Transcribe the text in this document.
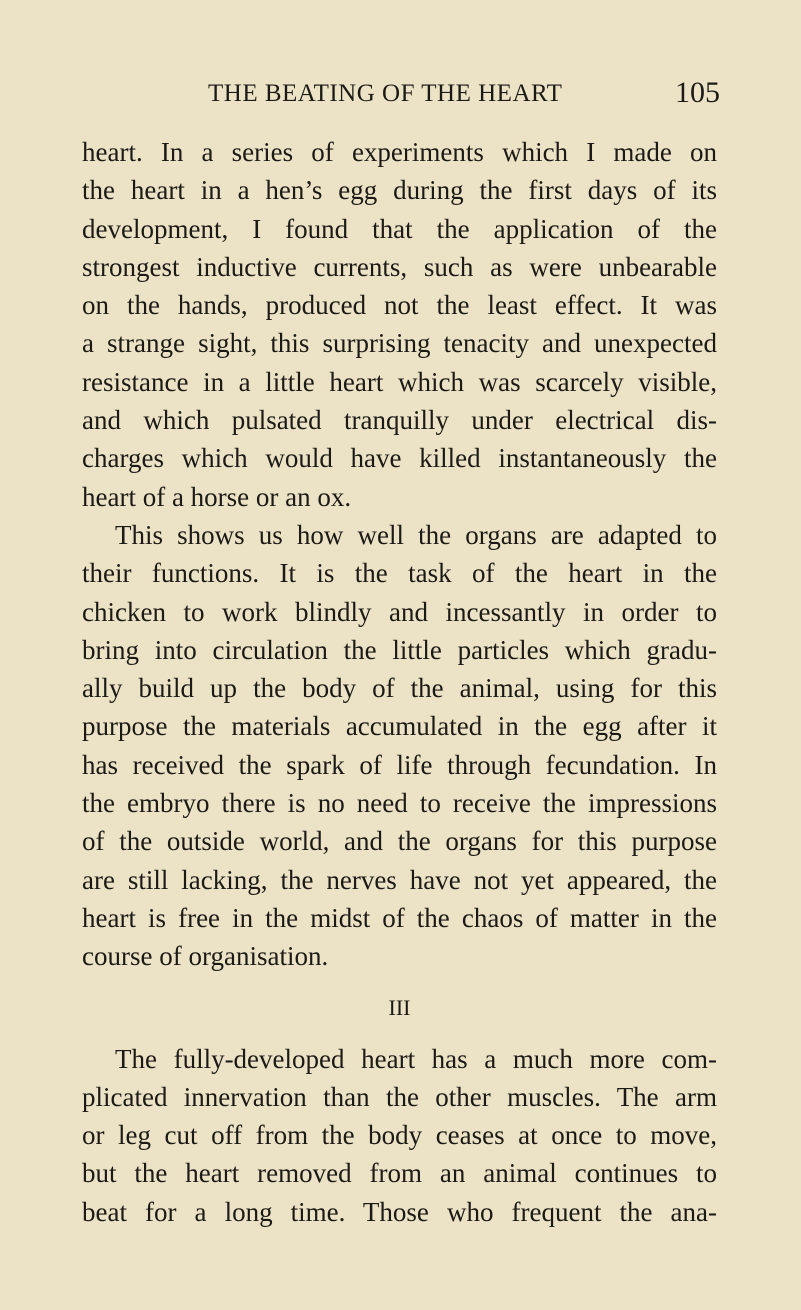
THE BEATING OF THE HEART	105
heart. In a series of experiments which I made on
the heart in a hen’s egg during the first days of its
development, I found that the application of the
strongest inductive currents, such as were unbearable
on the hands, produced not the least effect. It was
a strange sight, this surprising tenacity and unexpected
resistance in a little heart which was scarcely visible,
and which pulsated tranquilly under electrical dis-
charges which would have killed instantaneously the
heart of a horse or an ox.
This shows us how well the organs are adapted to
their functions. It is the task of the heart in the
chicken to work blindly and incessantly in order to
bring into circulation the little particles which gradu-
ally build up the body of the animal, using for this
purpose the materials accumulated in the egg after it
has received the spark of life through fecundation. In
the embryo there is no need to receive the impressions
of the outside world, and the organs for this purpose
are still lacking, the nerves have not yet appeared, the
heart is free in the midst of the chaos of matter in the
course of organisation.
III
The fully-developed heart has a much more com-
plicated innervation than the other muscles. The arm
or leg cut off from the body ceases at once to move,
but the heart removed from an animal continues to
beat for a long time. Those who frequent the ana-
